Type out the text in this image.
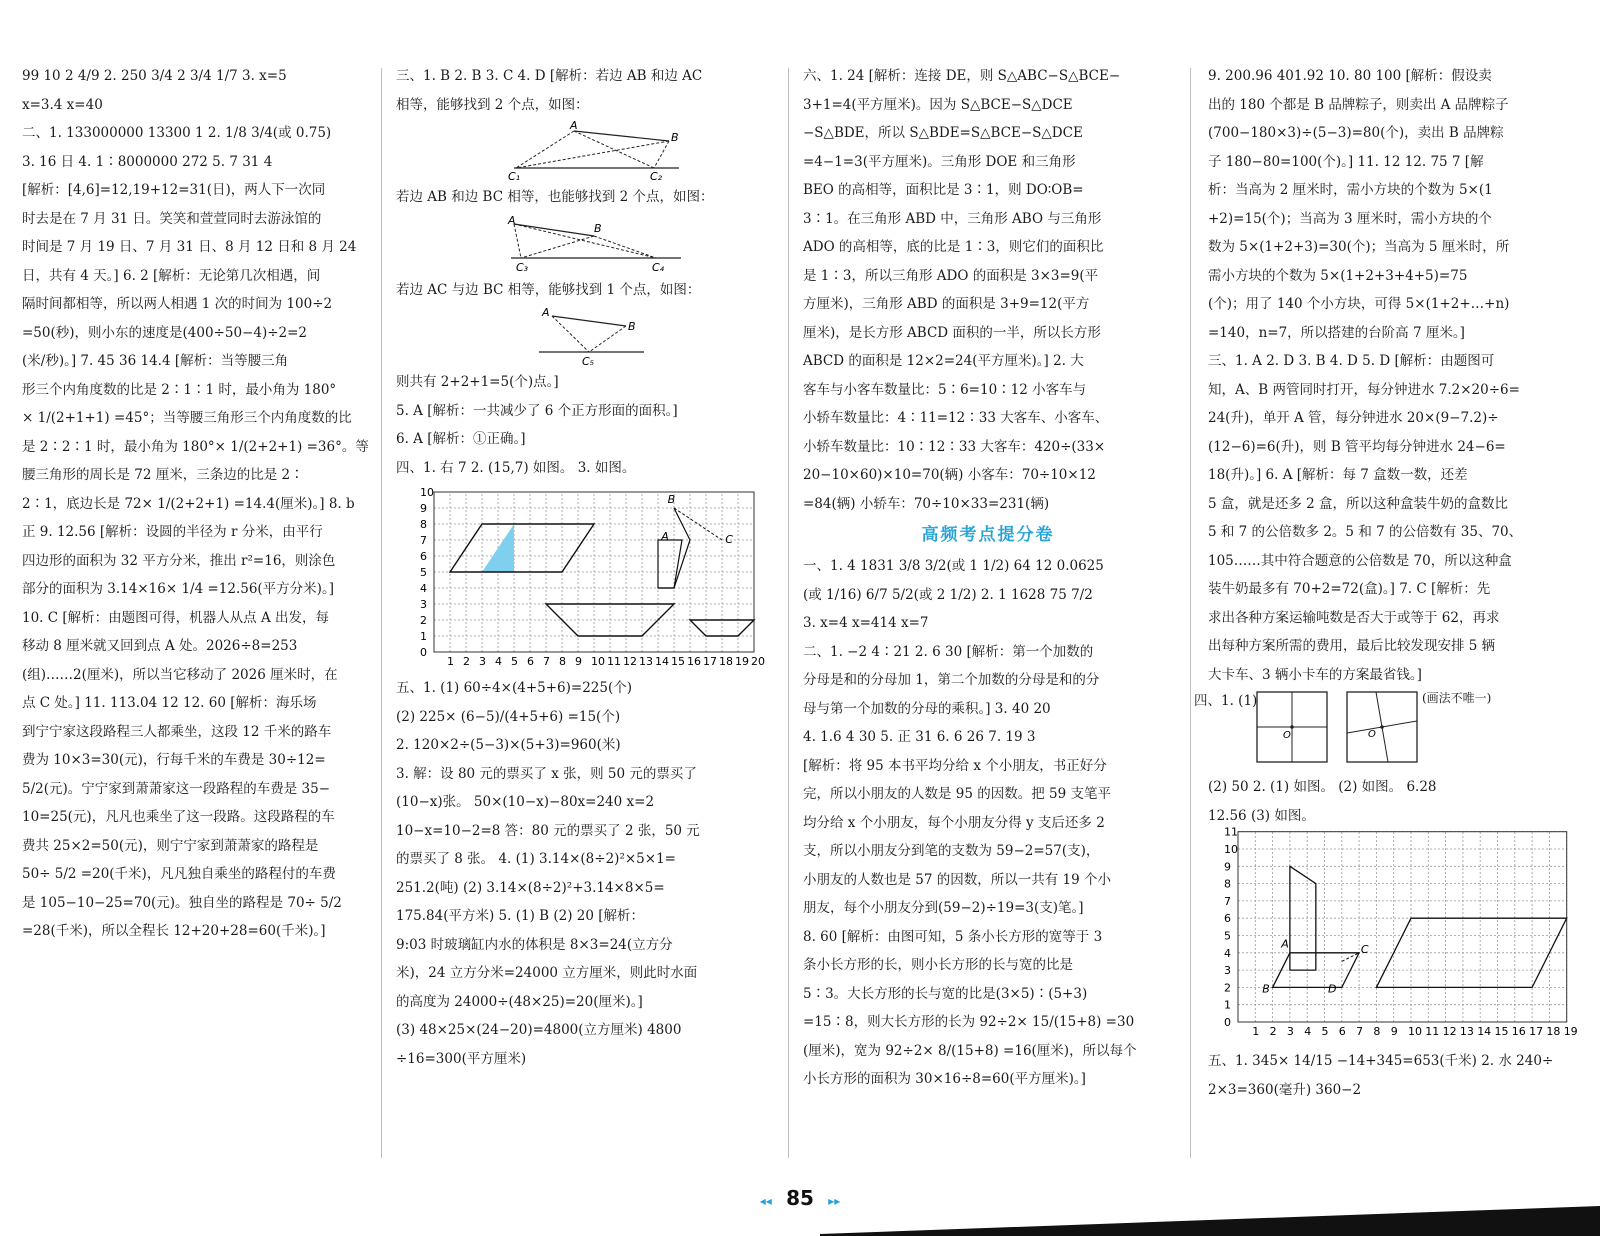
99 10 2 4/9 2. 250 3/4 2 3/4 1/7 3. x=5

x=3.4 x=40

二、1. 133000000 13300 1 2. 1/8 3/4(或 0.75)

3. 16 日 4. 1∶8000000 272 5. 7 31 4

[解析：[4,6]=12,19+12=31(日)，两人下一次同

时去是在 7 月 31 日。笑笑和萱萱同时去游泳馆的

时间是 7 月 19 日、7 月 31 日、8 月 12 日和 8 月 24

日，共有 4 天。] 6. 2 [解析：无论第几次相遇，间

隔时间都相等，所以两人相遇 1 次的时间为 100÷2

=50(秒)，则小东的速度是(400÷50−4)÷2=2

(米/秒)。] 7. 45 36 14.4 [解析：当等腰三角

形三个内角度数的比是 2∶1∶1 时，最小角为 180°

× 1/(2+1+1) =45°；当等腰三角形三个内角度数的比

是 2∶2∶1 时，最小角为 180°× 1/(2+2+1) =36°。等

腰三角形的周长是 72 厘米，三条边的比是 2∶

2∶1，底边长是 72× 1/(2+2+1) =14.4(厘米)。] 8. b

正 9. 12.56 [解析：设圆的半径为 r 分米，由平行

四边形的面积为 32 平方分米，推出 r²=16，则涂色

部分的面积为 3.14×16× 1/4 =12.56(平方分米)。]

10. C [解析：由题图可得，机器人从点 A 出发，每

移动 8 厘米就又回到点 A 处。2026÷8=253

(组)……2(厘米)，所以当它移动了 2026 厘米时，在

点 C 处。] 11. 113.04 12 12. 60 [解析：海乐场

到宁宁家这段路程三人都乘坐，这段 12 千米的路车

费为 10×3=30(元)，行每千米的车费是 30÷12=

5/2(元)。宁宁家到萧萧家这一段路程的车费是 35−

10=25(元)，凡凡也乘坐了这一段路。这段路程的车

费共 25×2=50(元)，则宁宁家到萧萧家的路程是

50÷ 5/2 =20(千米)，凡凡独自乘坐的路程付的车费

是 105−10−25=70(元)。独自坐的路程是 70÷ 5/2

=28(千米)，所以全程长 12+20+28=60(千米)。]

三、1. B 2. B 3. C 4. D [解析：若边 AB 和边 AC

相等，能够找到 2 个点，如图：

A
B
C₁	C₂

若边 AB 和边 BC 相等，也能够找到 2 个点，如图：

A
B
C₃	C₄

若边 AC 与边 BC 相等，能够找到 1 个点，如图：

A
B
C₅

则共有 2+2+1=5(个)点。]

5. A [解析：一共减少了 6 个正方形面的面积。]

6. A [解析：①正确。]

四、1. 右 7 2. (15,7) 如图。 3. 如图。

1 2 3 4 5 6 7 8 9 10 11 12 13 14 15 16 17 18 19 20
0
1
2
3
4
5
6
7
8
9
10
B
A	C

五、1. (1) 60÷4×(4+5+6)=225(个)

(2) 225× (6−5)/(4+5+6) =15(个)

2. 120×2÷(5−3)×(5+3)=960(米)

3. 解：设 80 元的票买了 x 张，则 50 元的票买了

(10−x)张。 50×(10−x)−80x=240 x=2

10−x=10−2=8 答：80 元的票买了 2 张，50 元

的票买了 8 张。 4. (1) 3.14×(8÷2)²×5×1=

251.2(吨) (2) 3.14×(8÷2)²+3.14×8×5=

175.84(平方米) 5. (1) B (2) 20 [解析：

9:03 时玻璃缸内水的体积是 8×3=24(立方分

米)，24 立方分米=24000 立方厘米，则此时水面

的高度为 24000÷(48×25)=20(厘米)。]

(3) 48×25×(24−20)=4800(立方厘米) 4800

÷16=300(平方厘米)

六、1. 24 [解析：连接 DE，则 S△ABC−S△BCE−

3+1=4(平方厘米)。因为 S△BCE−S△DCE

−S△BDE，所以 S△BDE=S△BCE−S△DCE

=4−1=3(平方厘米)。三角形 DOE 和三角形

BEO 的高相等，面积比是 3∶1，则 DO∶OB=

3∶1。在三角形 ABD 中，三角形 ABO 与三角形

ADO 的高相等，底的比是 1∶3，则它们的面积比

是 1∶3，所以三角形 ADO 的面积是 3×3=9(平

方厘米)，三角形 ABD 的面积是 3+9=12(平方

厘米)，是长方形 ABCD 面积的一半，所以长方形

ABCD 的面积是 12×2=24(平方厘米)。] 2. 大

客车与小客车数量比：5∶6=10∶12 小客车与

小轿车数量比：4∶11=12∶33 大客车、小客车、

小轿车数量比：10∶12∶33 大客车：420÷(33×

20−10×60)×10=70(辆) 小客车：70÷10×12

=84(辆) 小轿车：70÷10×33=231(辆)

高频考点提分卷

一、1. 4 1831 3/8 3/2(或 1 1/2) 64 12 0.0625

(或 1/16) 6/7 5/2(或 2 1/2) 2. 1 1628 75 7/2

3. x=4 x=414 x=7

二、1. −2 4∶21 2. 6 30 [解析：第一个加数的

分母是和的分母加 1，第二个加数的分母是和的分

母与第一个加数的分母的乘积。] 3. 40 20

4. 1.6 4 30 5. 正 31 6. 6 26 7. 19 3

[解析：将 95 本书平均分给 x 个小朋友，书正好分

完，所以小朋友的人数是 95 的因数。把 59 支笔平

均分给 x 个小朋友，每个小朋友分得 y 支后还多 2

支，所以小朋友分到笔的支数为 59−2=57(支)，

小朋友的人数也是 57 的因数，所以一共有 19 个小

朋友，每个小朋友分到(59−2)÷19=3(支)笔。]

8. 60 [解析：由图可知，5 条小长方形的宽等于 3

条小长方形的长，则小长方形的长与宽的比是

5∶3。大长方形的长与宽的比是(3×5)∶(5+3)

=15∶8，则大长方形的长为 92÷2× 15/(15+8) =30

(厘米)，宽为 92÷2× 8/(15+8) =16(厘米)，所以每个

小长方形的面积为 30×16÷8=60(平方厘米)。]

9. 200.96 401.92 10. 80 100 [解析：假设卖

出的 180 个都是 B 品牌粽子，则卖出 A 品牌粽子

(700−180×3)÷(5−3)=80(个)，卖出 B 品牌粽

子 180−80=100(个)。] 11. 12 12. 75 7 [解

析：当高为 2 厘米时，需小方块的个数为 5×(1

+2)=15(个)；当高为 3 厘米时，需小方块的个

数为 5×(1+2+3)=30(个)；当高为 5 厘米时，所

需小方块的个数为 5×(1+2+3+4+5)=75

(个)；用了 140 个小方块，可得 5×(1+2+…+n)

=140，n=7，所以搭建的台阶高 7 厘米。]

三、1. A 2. D 3. B 4. D 5. D [解析：由题图可

知，A、B 两管同时打开，每分钟进水 7.2×20÷6=

24(升)，单开 A 管，每分钟进水 20×(9−7.2)÷

(12−6)=6(升)，则 B 管平均每分钟进水 24−6=

18(升)。] 6. A [解析：每 7 盒数一数，还差

5 盒，就是还多 2 盒，所以这种盒装牛奶的盒数比

5 和 7 的公倍数多 2。5 和 7 的公倍数有 35、70、

105……其中符合题意的公倍数是 70，所以这种盒

装牛奶最多有 70+2=72(盒)。] 7. C [解析：先

求出各种方案运输吨数是否大于或等于 62，再求

出每种方案所需的费用，最后比较发现安排 5 辆

大卡车、3 辆小卡车的方案最省钱。]

四、1. (1)
O	O
(画法不唯一)

(2) 50 2. (1) 如图。 (2) 如图。 6.28

12.56 (3) 如图。

1 2 3 4 5 6 7 8 9 10 11 12 13 14 15 16 17 18 19
0
1
2
3
4
5
6
7
8
9
10
11
A
B	D
C

五、1. 345× 14/15 −14+345=653(千米) 2. 水 240÷

2×3=360(毫升) 360−2

◂◂ 85 ▸▸
